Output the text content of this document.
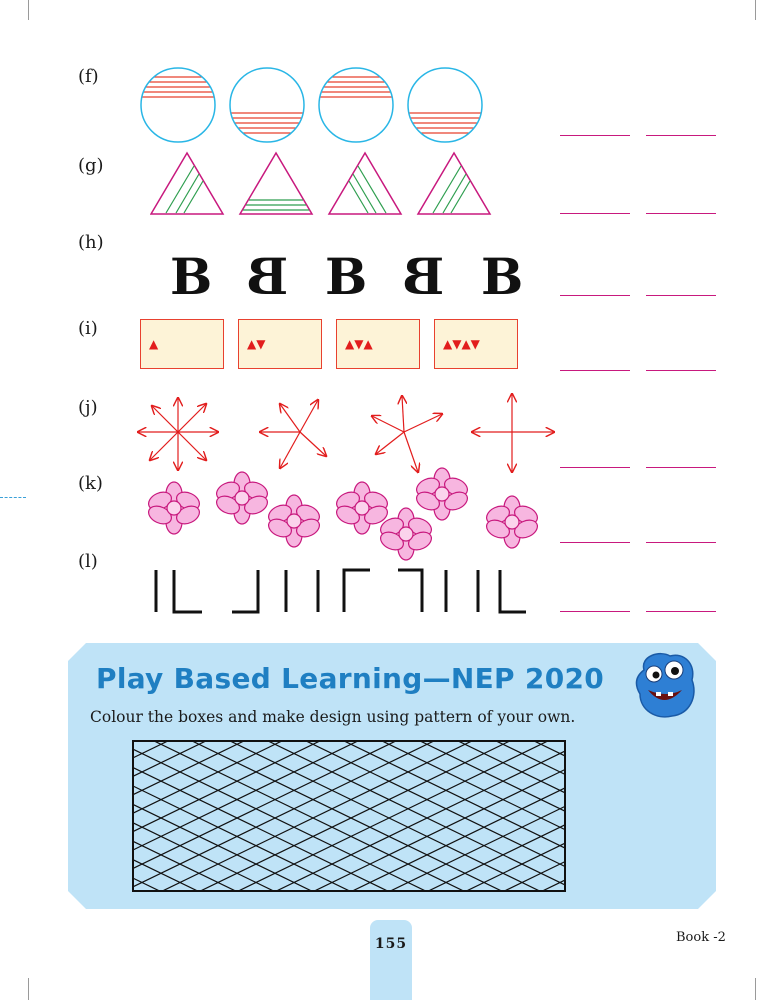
(f)
(g)
(h)
(i)
(j)
(k)
(l)
B B B B B
▲	▲▼	▲▼▲	▲▼▲▼
Play Based Learning—NEP 2020
Colour the boxes and make design using pattern of your own.
155	Book -2
